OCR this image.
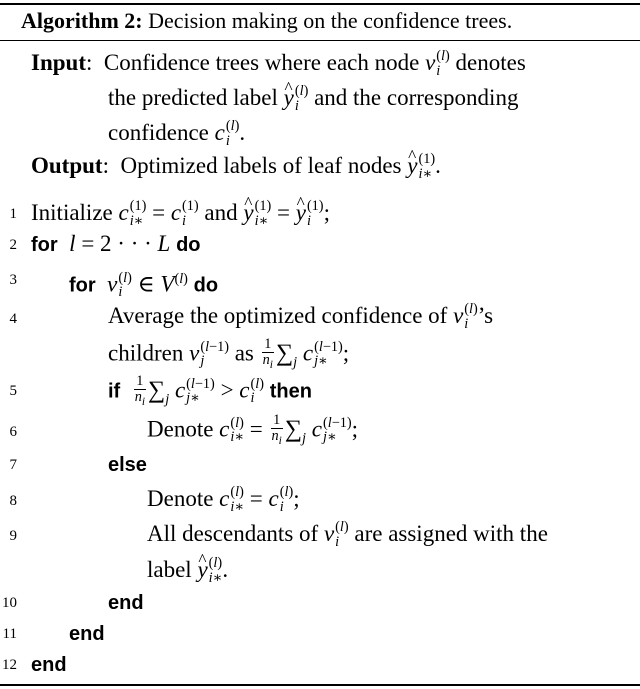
Algorithm 2: Decision making on the confidence trees.
Input:  Confidence trees where each node v (l)
i denotes
the predicted label ^ y (l)
i and the corresponding
confidence c (l)
i .
Output:  Optimized labels of leaf nodes ^ y (1)
i∗ .
1 Initialize c (1)
i∗ = c (1)
i and ^ y (1)
i∗ = ^ y (1)
i ;
2 for l = 2 · · · L do
3	for v (l)
i ∈ $V^{(l)}$ do
4	Average the optimized confidence of v (l)
i ’s
children v (l−1)
j	as $\frac{1}{n_i} \sum_j$ c (l−1)
j∗ ;
5	if $\frac{1}{n_i} \sum_j$ c (l−1)
j∗ > c (l)
i then
6	Denote c (l)
i∗ = $\frac{1}{n_i} \sum_j$ c (l−1)
j∗ ;
7	else
8	Denote c (l)
i∗ = c (l)
i ;
9	All descendants of v (l)
i are assigned with the
label ^ y (l)
i∗ .
10	end
11	end
12 end
